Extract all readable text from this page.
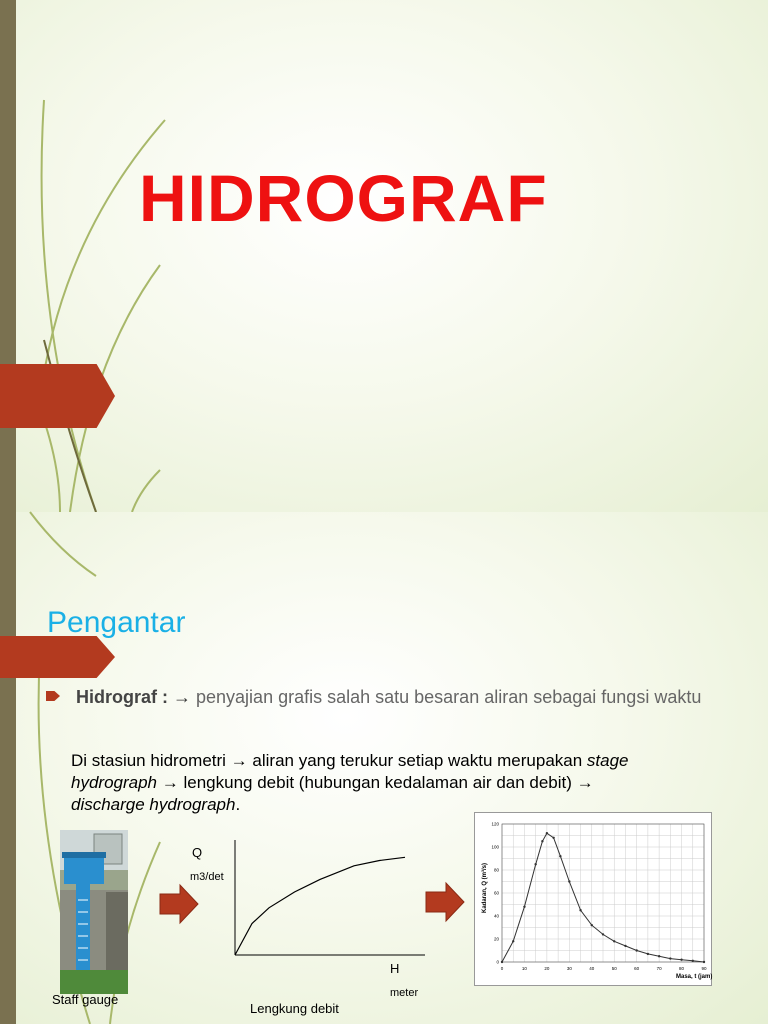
HIDROGRAF

Pengantar
Hidrograf : → penyajian grafis salah satu besaran aliran sebagai fungsi waktu
Di stasiun hidrometri → aliran yang terukur setiap waktu merupakan stage hydrograph → lengkung debit (hubungan kedalaman air dan debit) → discharge hydrograph.

Staff gauge

Q
m3/det
H
meter
Lengkung debit
0	10	20	30	40	50	60	70	80	90
0
20
40
60
80
100
120
Kadaran, Q (m³/s)
Masa, t (jam)
